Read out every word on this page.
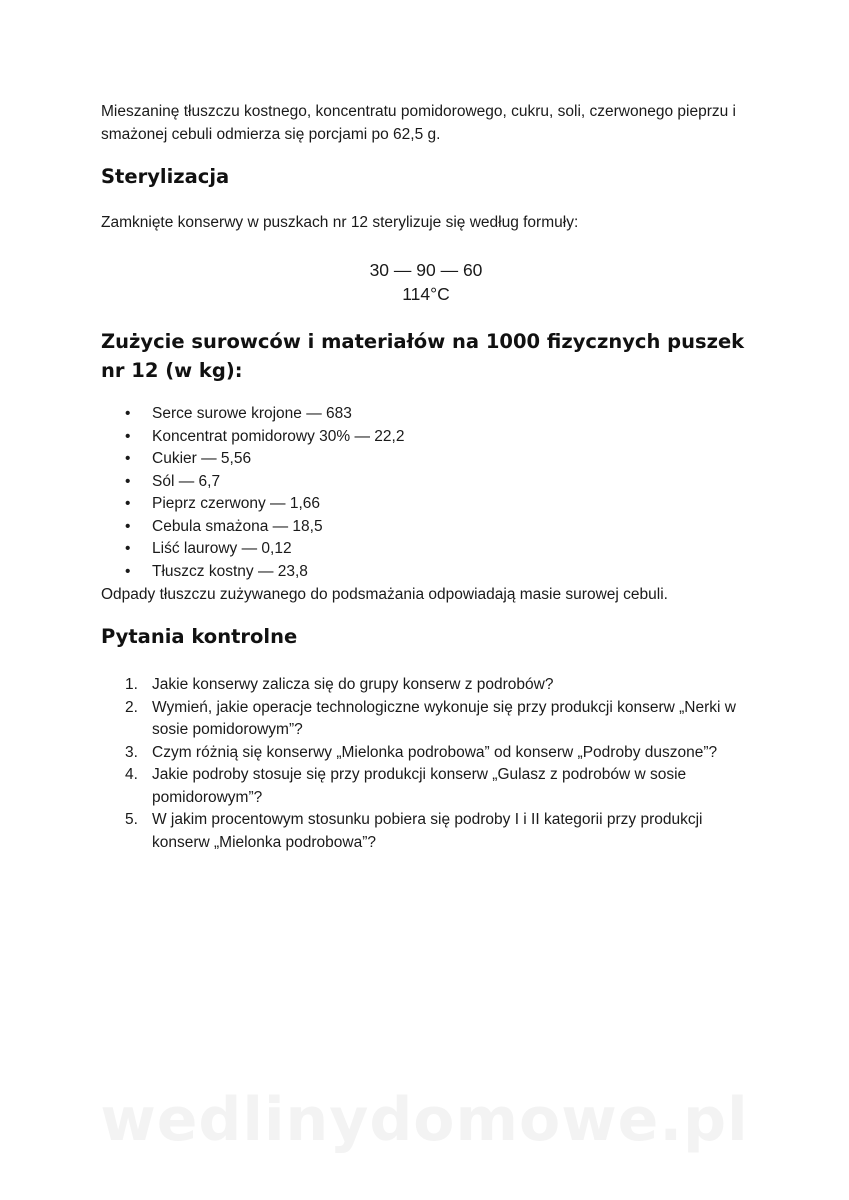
Mieszaninę tłuszczu kostnego, koncentratu pomidorowego, cukru, soli, czerwonego pieprzu i smażonej cebuli odmierza się porcjami po 62,5 g.

Sterylizacja

Zamknięte konserwy w puszkach nr 12 sterylizuje się według formuły:

30 — 90 — 60
114°C
Zużycie surowców i materiałów na 1000 fizycznych puszek nr 12 (w kg):
• Serce surowe krojone — 683
• Koncentrat pomidorowy 30% — 22,2
• Cukier — 5,56
• Sól — 6,7
• Pieprz czerwony — 1,66
• Cebula smażona — 18,5
• Liść laurowy — 0,12
• Tłuszcz kostny — 23,8

Odpady tłuszczu zużywanego do podsmażania odpowiadają masie surowej cebuli.

Pytania kontrolne
1. Jakie konserwy zalicza się do grupy konserw z podrobów?
2. Wymień, jakie operacje technologiczne wykonuje się przy produkcji konserw „Nerki w sosie pomidorowym”?
3. Czym różnią się konserwy „Mielonka podrobowa” od konserw „Podroby duszone”?
4. Jakie podroby stosuje się przy produkcji konserw „Gulasz z podrobów w sosie pomidorowym”?
5. W jakim procentowym stosunku pobiera się podroby I i II kategorii przy produkcji konserw „Mielonka podrobowa”?
wedlinydomowe.pl
